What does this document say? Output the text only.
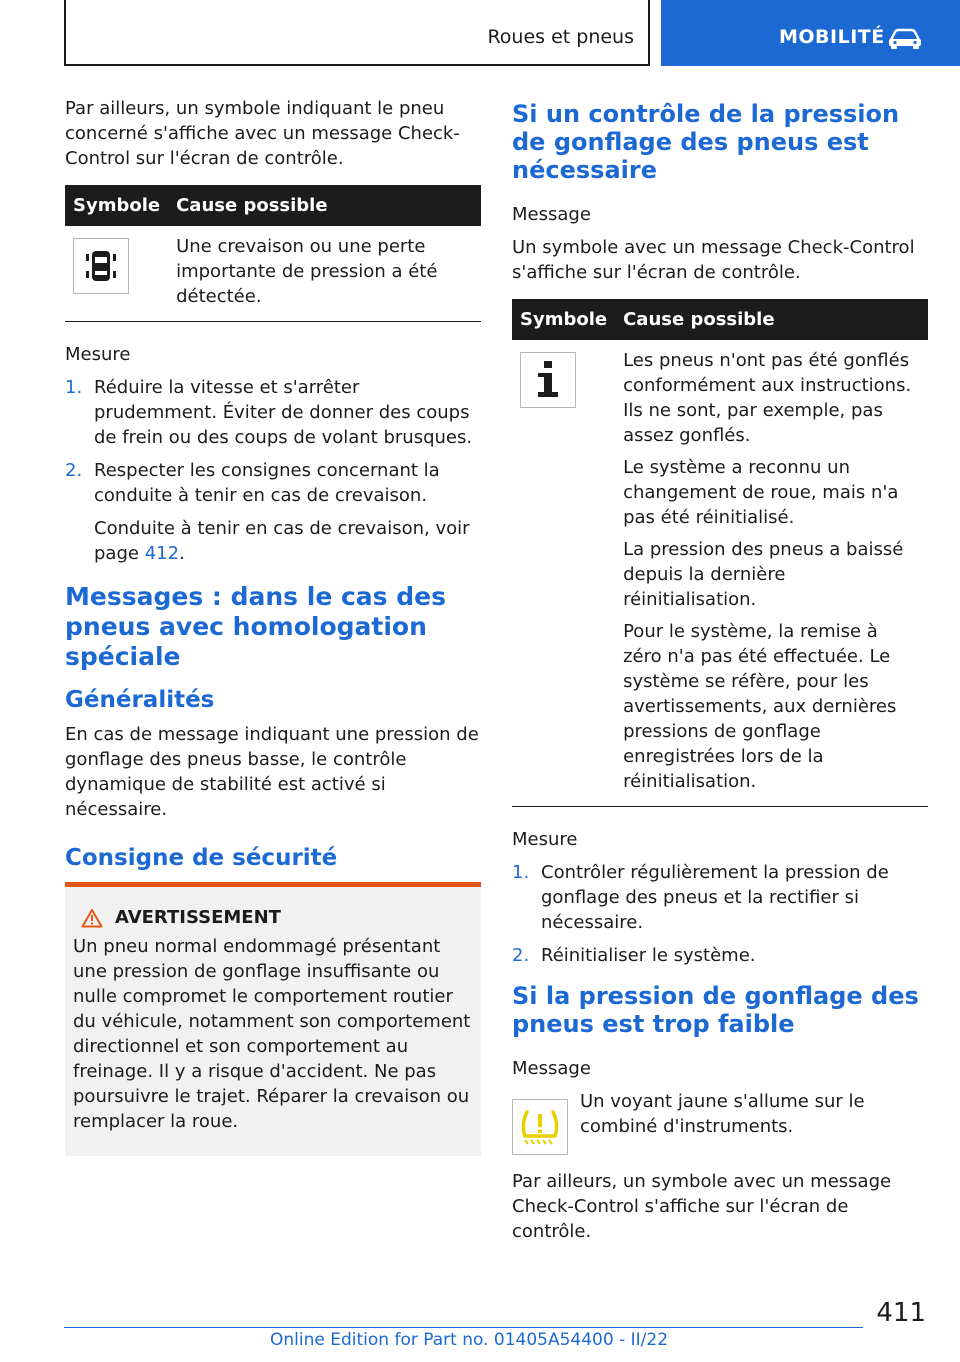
Roues et pneus	MOBILITÉ

Par ailleurs, un symbole indiquant le pneu concerné s'affiche avec un message Check-Control sur l'écran de contrôle.

Symbole	Cause possible

	Une crevaison ou une perte importante de pression a été détectée.

Mesure

1. Réduire la vitesse et s'arrêter prudemment. Éviter de donner des coups de frein ou des coups de volant brusques.
2. Respecter les consignes concernant la conduite à tenir en cas de crevaison.

Conduite à tenir en cas de crevaison, voir page 412.

Messages : dans le cas des pneus avec homologation spéciale
Généralités

En cas de message indiquant une pression de gonflage des pneus basse, le contrôle dynamique de stabilité est activé si nécessaire.

Consigne de sécurité
AVERTISSEMENT

Un pneu normal endommagé présentant une pression de gonflage insuffisante ou nulle compromet le comportement routier du véhicule, notamment son comportement directionnel et son comportement au freinage. Il y a risque d'accident. Ne pas poursuivre le trajet. Réparer la crevaison ou remplacer la roue.

Si un contrôle de la pression de gonflage des pneus est nécessaire

Message

Un symbole avec un message Check-Control s'affiche sur l'écran de contrôle.

Symbole	Cause possible

Les pneus n'ont pas été gonflés conformément aux instructions. Ils ne sont, par exemple, pas assez gonflés.

Le système a reconnu un changement de roue, mais n'a pas été réinitialisé.

La pression des pneus a baissé depuis la dernière réinitialisation.

Pour le système, la remise à zéro n'a pas été effectuée. Le système se réfère, pour les avertissements, aux dernières pressions de gonflage enregistrées lors de la réinitialisation.

Mesure

1. Contrôler régulièrement la pression de gonflage des pneus et la rectifier si nécessaire.
2. Réinitialiser le système.
Si la pression de gonflage des pneus est trop faible

Message

Un voyant jaune s'allume sur le combiné d'instruments.

Par ailleurs, un symbole avec un message Check-Control s'affiche sur l'écran de contrôle.

411
Online Edition for Part no. 01405A54400 - II/22
